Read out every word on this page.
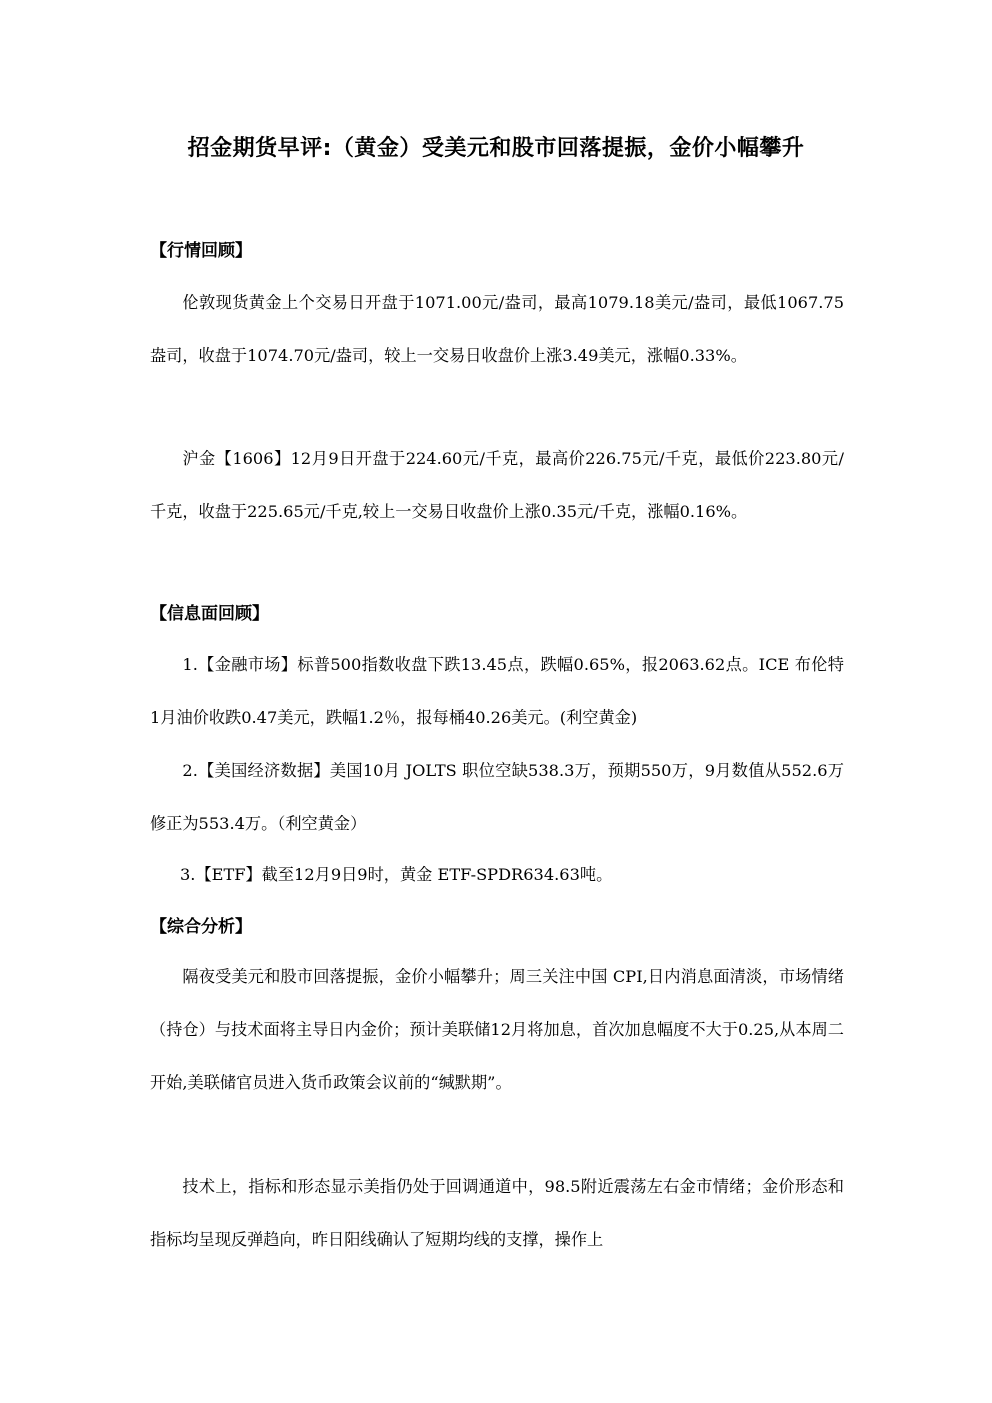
招金期货早评:（黄金）受美元和股市回落提振，金价小幅攀升
【行情回顾】
伦敦现货黄金上个交易日开盘于1071.00元/盎司，最高1079.18美元/盎司，最低1067.75盎司，收盘于1074.70元/盎司，较上一交易日收盘价上涨3.49美元，涨幅0.33%。
沪金【1606】12月9日开盘于224.60元/千克，最高价226.75元/千克，最低价223.80元/千克，收盘于225.65元/千克,较上一交易日收盘价上涨0.35元/千克，涨幅0.16%。
【信息面回顾】
1.【金融市场】标普500指数收盘下跌13.45点，跌幅0.65%，报2063.62点。ICE 布伦特1月油价收跌0.47美元，跌幅1.2％，报每桶40.26美元。(利空黄金)
2.【美国经济数据】美国10月 JOLTS 职位空缺538.3万，预期550万，9月数值从552.6万修正为553.4万。（利空黄金）
3.【ETF】截至12月9日9时，黄金 ETF-SPDR634.63吨。
【综合分析】
隔夜受美元和股市回落提振，金价小幅攀升；周三关注中国 CPI,日内消息面清淡，市场情绪（持仓）与技术面将主导日内金价；预计美联储12月将加息，首次加息幅度不大于0.25,从本周二开始,美联储官员进入货币政策会议前的“缄默期”。
技术上，指标和形态显示美指仍处于回调通道中，98.5附近震荡左右金市情绪；金价形态和指标均呈现反弹趋向，昨日阳线确认了短期均线的支撑，操作上
